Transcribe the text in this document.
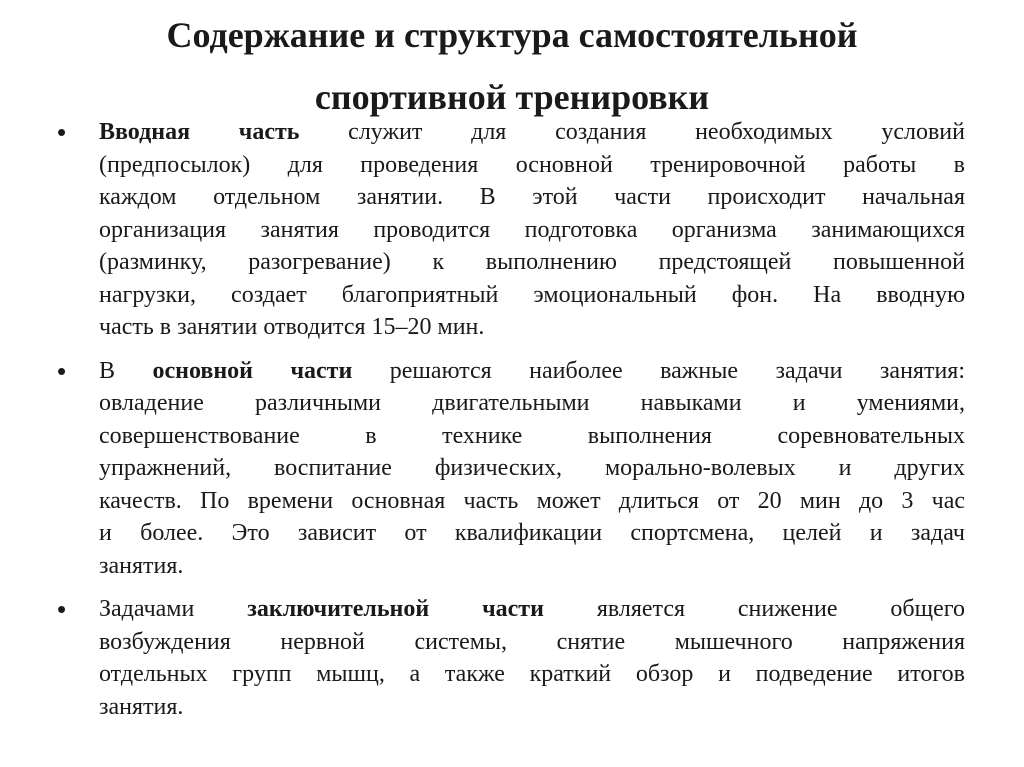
Содержание и структура самостоятельной
спортивной тренировки
• Вводная часть служит для создания необходимых условий
(предпосылок) для проведения основной тренировочной работы в
каждом отдельном занятии. В этой части происходит начальная
организация занятия проводится подготовка организма занимающихся
(разминку, разогревание) к выполнению предстоящей повышенной
нагрузки, создает благоприятный эмоциональный фон. На вводную
часть в занятии отводится 15–20 мин.
• В основной части решаются наиболее важные задачи занятия:
овладение различными двигательными навыками и умениями,
совершенствование в технике выполнения соревновательных
упражнений, воспитание физических, морально-волевых и других
качеств. По времени основная часть может длиться от 20 мин до 3 час
и более. Это зависит от квалификации спортсмена, целей и задач
занятия.
• Задачами заключительной части является снижение общего
возбуждения нервной системы, снятие мышечного напряжения
отдельных групп мышц, а также краткий обзор и подведение итогов
занятия.
